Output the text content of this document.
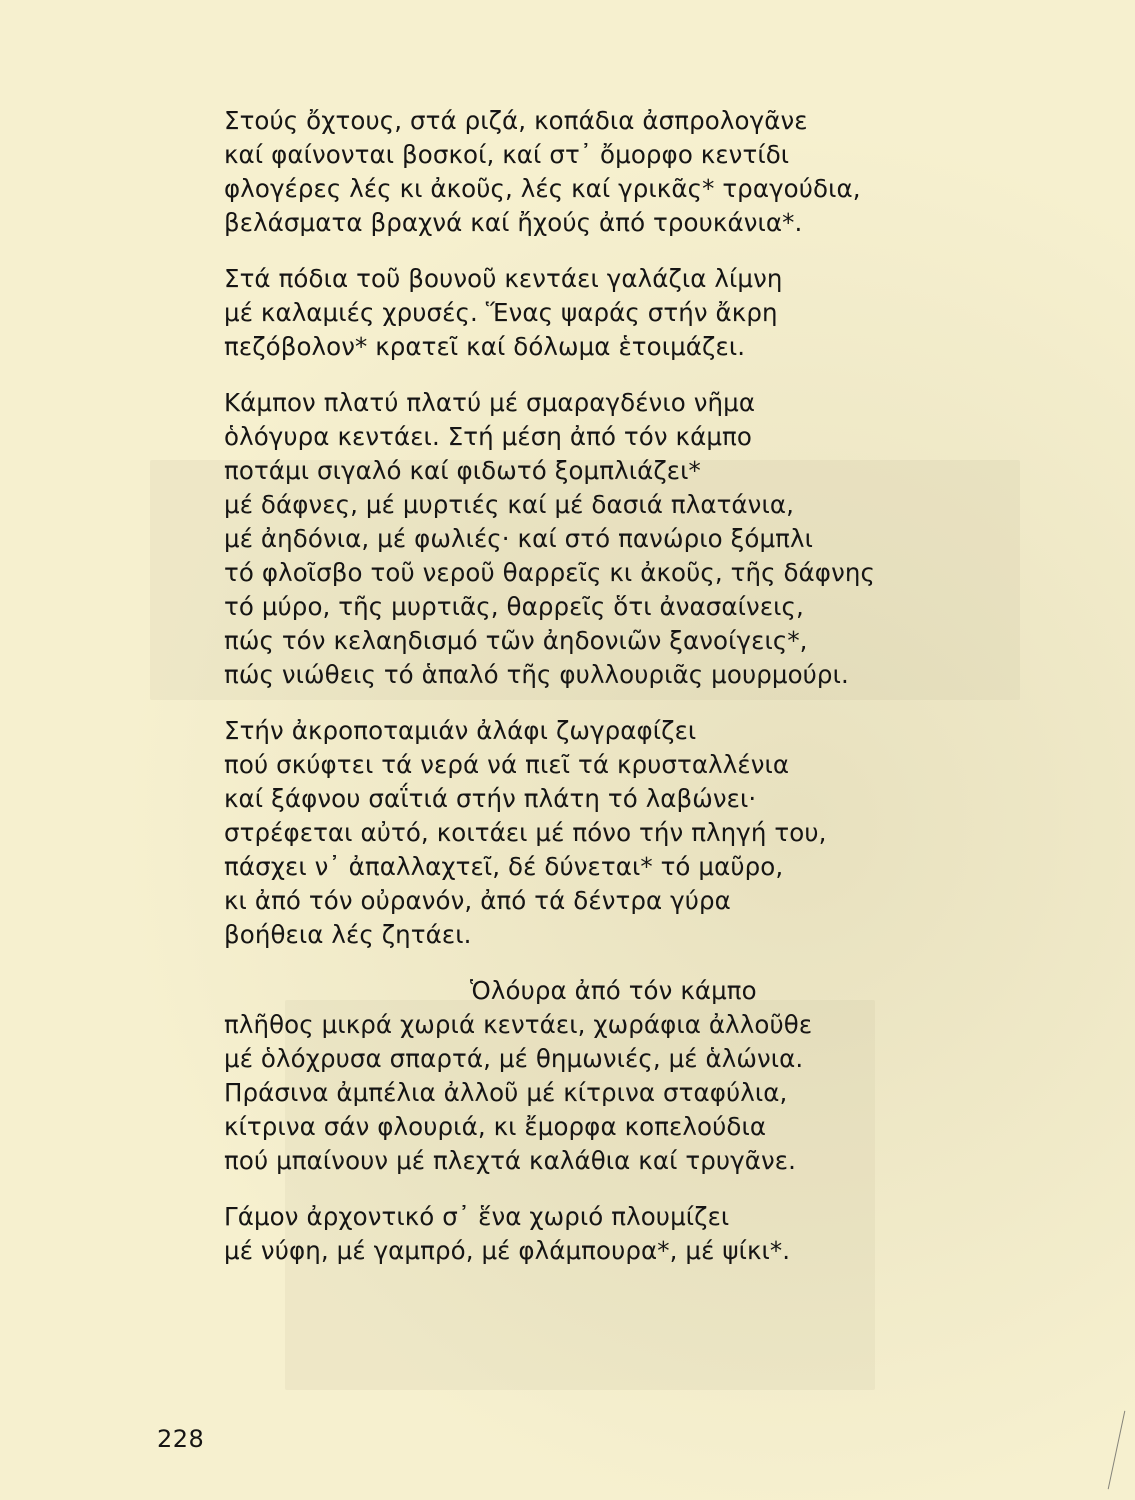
Στούς ὄχτους, στά ριζά, κοπάδια ἀσπρολογᾶνε
καί φαίνονται βοσκοί, καί στ᾽ ὄμορφο κεντίδι
φλογέρες λές κι ἀκοῦς, λές καί γρικᾶς* τραγούδια,
βελάσματα βραχνά καί ἤχούς ἀπό τρουκάνια*.
Στά πόδια τοῦ βουνοῦ κεντάει γαλάζια λίμνη
μέ καλαμιές χρυσές. Ἕνας ψαράς στήν ἄκρη
πεζόβολον* κρατεῖ καί δόλωμα ἑτοιμάζει.
Κάμπον πλατύ πλατύ μέ σμαραγδένιο νῆμα
ὁλόγυρα κεντάει. Στή μέση ἀπό τόν κάμπο
ποτάμι σιγαλό καί φιδωτό ξομπλιάζει*
μέ δάφνες, μέ μυρτιές καί μέ δασιά πλατάνια,
μέ ἀηδόνια, μέ φωλιές· καί στό πανώριο ξόμπλι
τό φλοῖσβο τοῦ νεροῦ θαρρεῖς κι ἀκοῦς, τῆς δάφνης
τό μύρο, τῆς μυρτιᾶς, θαρρεῖς ὅτι ἀνασαίνεις,
πώς τόν κελαηδισμό τῶν ἀηδονιῶν ξανοίγεις*,
πώς νιώθεις τό ἁπαλό τῆς φυλλουριᾶς μουρμούρι.
Στήν ἀκροποταμιάν ἀλάφι ζωγραφίζει
πού σκύφτει τά νερά νά πιεῖ τά κρυσταλλένια
καί ξάφνου σαΐτιά στήν πλάτη τό λαβώνει·
στρέφεται αὐτό, κοιτάει μέ πόνο τήν πληγή του,
πάσχει ν᾽ ἀπαλλαχτεῖ, δέ δύνεται* τό μαῦρο,
κι ἀπό τόν οὐρανόν, ἀπό τά δέντρα γύρα
βοήθεια λές ζητάει.
Ὁλόυρα ἀπό τόν κάμπο
πλῆθος μικρά χωριά κεντάει, χωράφια ἀλλοῦθε
μέ ὁλόχρυσα σπαρτά, μέ θημωνιές, μέ ἁλώνια.
Πράσινα ἀμπέλια ἀλλοῦ μέ κίτρινα σταφύλια,
κίτρινα σάν φλουριά, κι ἔμορφα κοπελούδια
πού μπαίνουν μέ πλεχτά καλάθια καί τρυγᾶνε.
Γάμον ἀρχοντικό σ᾽ ἕνα χωριό πλουμίζει
μέ νύφη, μέ γαμπρό, μέ φλάμπουρα*, μέ ψίκι*.
228
